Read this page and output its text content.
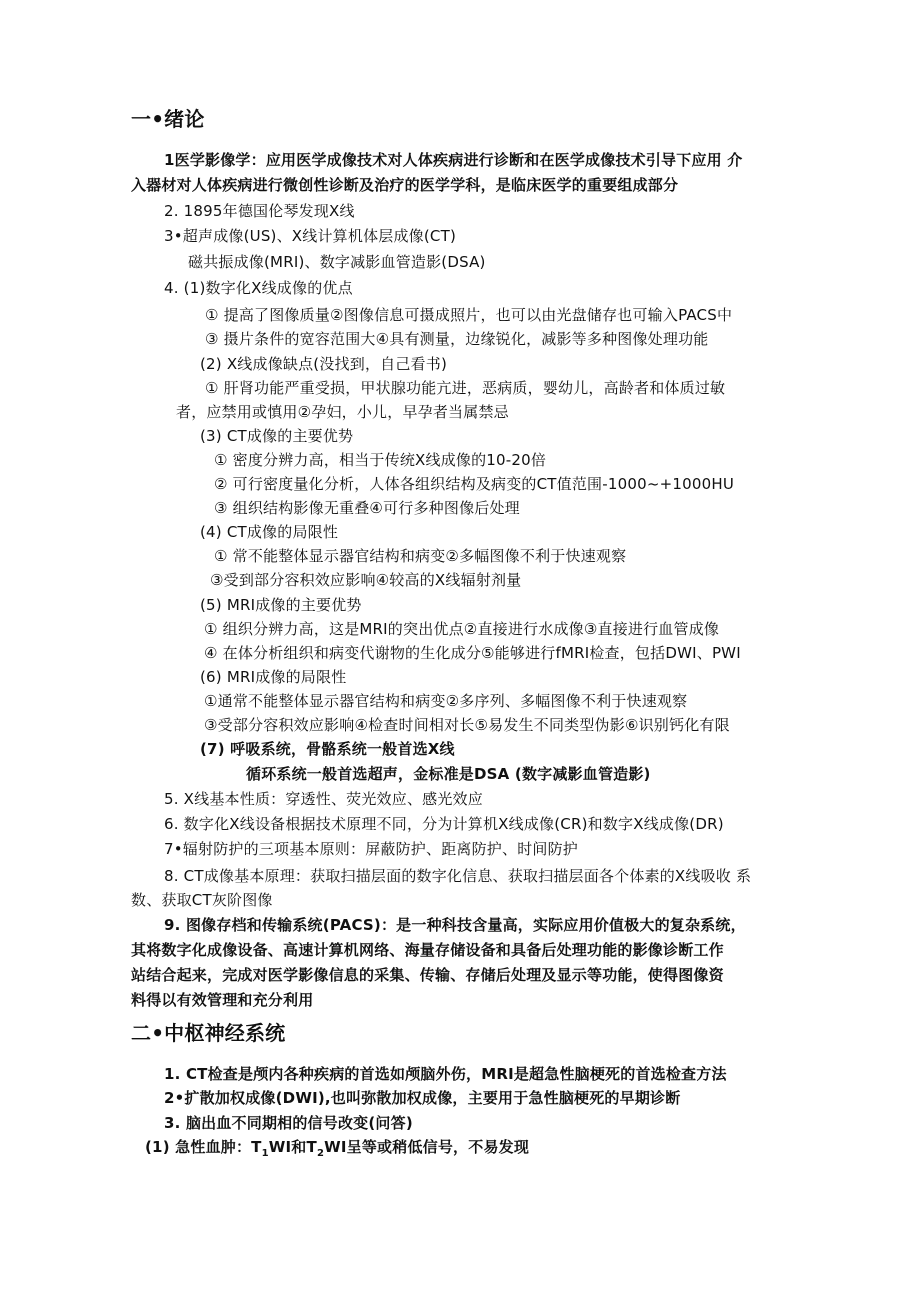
一•绪论
1医学影像学：应用医学成像技术对人体疾病进行诊断和在医学成像技术引导下应用 介
入器材对人体疾病进行微创性诊断及治疗的医学学科，是临床医学的重要组成部分
2. 1895年德国伦琴发现X线
3•超声成像(US)、X线计算机体层成像(CT)
磁共振成像(MRI)、数字减影血管造影(DSA)
4. (1)数字化X线成像的优点
① 提高了图像质量②图像信息可摄成照片，也可以由光盘储存也可输入PACS中
③ 摄片条件的宽容范围大④具有测量，边缘锐化，减影等多种图像处理功能
(2) X线成像缺点(没找到，自己看书)
① 肝肾功能严重受损，甲状腺功能亢进，恶病质，婴幼儿，高龄者和体质过敏
者，应禁用或慎用②孕妇，小儿，早孕者当属禁忌
(3) CT成像的主要优势
① 密度分辨力高，相当于传统X线成像的10-20倍
② 可行密度量化分析，人体各组织结构及病变的CT值范围-1000~+1000HU
③ 组织结构影像无重叠④可行多种图像后处理
(4) CT成像的局限性
① 常不能整体显示器官结构和病变②多幅图像不利于快速观察
③受到部分容积效应影响④较高的X线辐射剂量
(5) MRI成像的主要优势
① 组织分辨力高，这是MRI的突出优点②直接进行水成像③直接进行血管成像
④ 在体分析组织和病变代谢物的生化成分⑤能够进行fMRI检查，包括DWI、PWI
(6) MRI成像的局限性
①通常不能整体显示器官结构和病变②多序列、多幅图像不利于快速观察
③受部分容积效应影响④检查时间相对长⑤易发生不同类型伪影⑥识别钙化有限
(7) 呼吸系统，骨骼系统一般首选X线
循环系统一般首选超声，金标准是DSA (数字减影血管造影)
5. X线基本性质：穿透性、荧光效应、感光效应
6. 数字化X线设备根据技术原理不同，分为计算机X线成像(CR)和数字X线成像(DR)
7•辐射防护的三项基本原则：屏蔽防护、距离防护、时间防护
8. CT成像基本原理：获取扫描层面的数字化信息、获取扫描层面各个体素的X线吸收 系
数、获取CT灰阶图像
9. 图像存档和传输系统(PACS)：是一种科技含量高，实际应用价值极大的复杂系统，
其将数字化成像设备、高速计算机网络、海量存储设备和具备后处理功能的影像诊断工作
站结合起来，完成对医学影像信息的采集、传输、存储后处理及显示等功能，使得图像资
料得以有效管理和充分利用
二•中枢神经系统
1. CT检查是颅内各种疾病的首选如颅脑外伤，MRI是超急性脑梗死的首选检查方法
2•扩散加权成像(DWI),也叫弥散加权成像，主要用于急性脑梗死的早期诊断
3. 脑出血不同期相的信号改变(问答)
(1) 急性血肿：$T_1WI$和$T_2WI$呈等或稍低信号，不易发现
